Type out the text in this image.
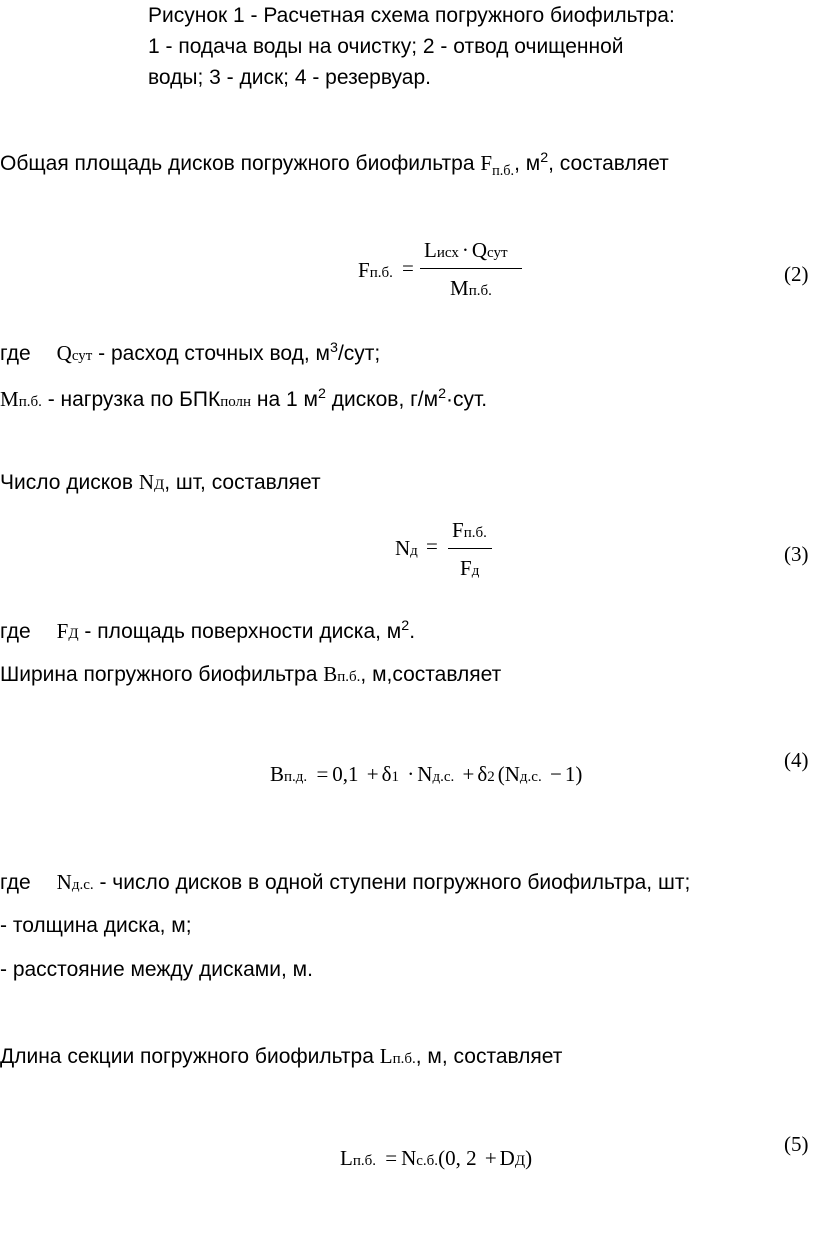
Рисунок 1 - Расчетная схема погружного биофильтра:
1 - подача воды на очистку; 2 - отвод очищенной
воды; 3 - диск; 4 - резервуар.
Общая площадь дисков погружного биофильтра $F_{п.б.}$, $м^2$, составляет
Fп.б. =
Lисх · Qсут
Mп.б.
(2)
где Qсут - расход сточных вод, $м^3$/сут;
Mп.б. - нагрузка по БПКполн на 1 $м^2$ дисков, $г/м^2\cdot сут$.
Число дисков NД, шт, составляет
Nд =
Fп.б.
Fд
(3)
где FД - площадь поверхности диска, $м^2$.
Ширина погружного биофильтра Bп.б., м,составляет
Bп.д. = 0,1 + δ1 · Nд.с. + δ2 (Nд.с. − 1)
(4)
где Nд.с. - число дисков в одной ступени погружного биофильтра, шт;
- толщина диска, м;
- расстояние между дисками, м.
Длина секции погружного биофильтра Lп.б., м, составляет
Lп.б. = Nс.б.(0, 2 + DД)
(5)
